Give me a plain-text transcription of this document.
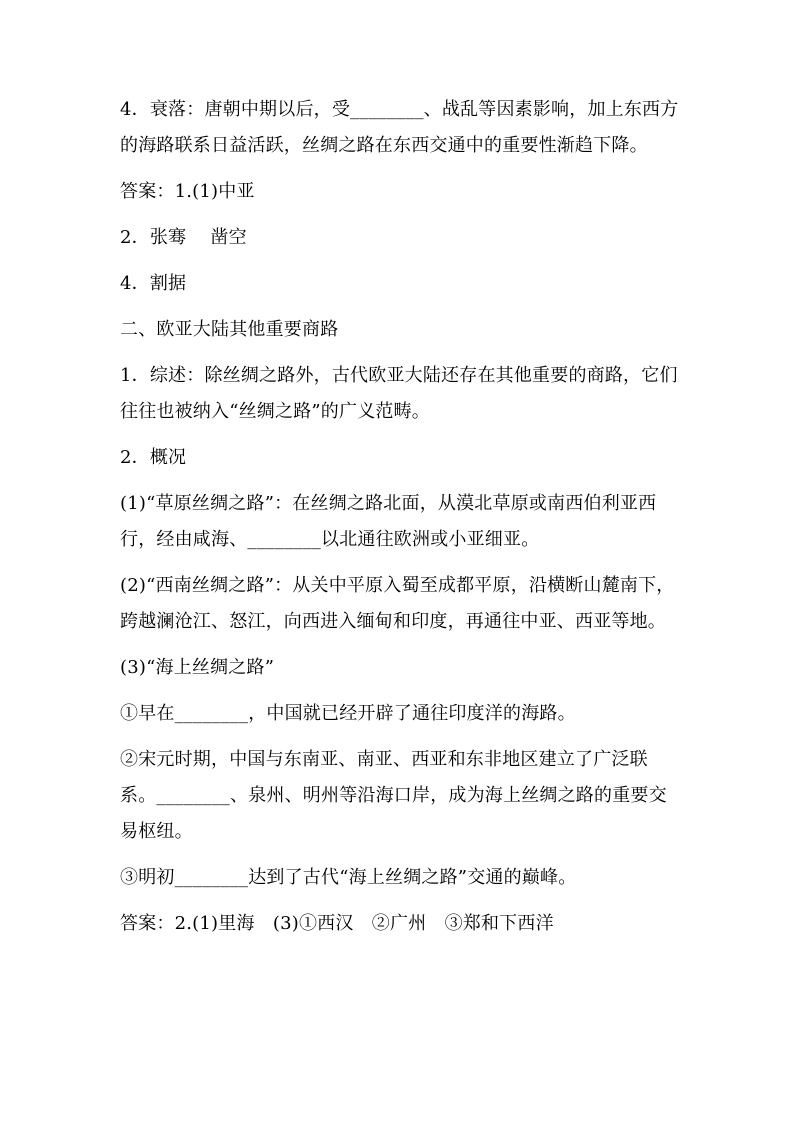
4．衰落：唐朝中期以后，受________、战乱等因素影响，加上东西方的海路联系日益活跃，丝绸之路在东西交通中的重要性渐趋下降。

答案：1.(1)中亚

2．张骞　 凿空

4．割据

二、欧亚大陆其他重要商路

1．综述：除丝绸之路外，古代欧亚大陆还存在其他重要的商路，它们往往也被纳入“丝绸之路”的广义范畴。

2．概况

(1)“草原丝绸之路”：在丝绸之路北面，从漠北草原或南西伯利亚西行，经由咸海、________以北通往欧洲或小亚细亚。

(2)“西南丝绸之路”：从关中平原入蜀至成都平原，沿横断山麓南下，跨越澜沧江、怒江，向西进入缅甸和印度，再通往中亚、西亚等地。

(3)“海上丝绸之路”

①早在________，中国就已经开辟了通往印度洋的海路。

②宋元时期，中国与东南亚、南亚、西亚和东非地区建立了广泛联系。________、泉州、明州等沿海口岸，成为海上丝绸之路的重要交易枢纽。

③明初________达到了古代“海上丝绸之路”交通的巅峰。

答案：2.(1)里海　(3)①西汉　②广州　③郑和下西洋
